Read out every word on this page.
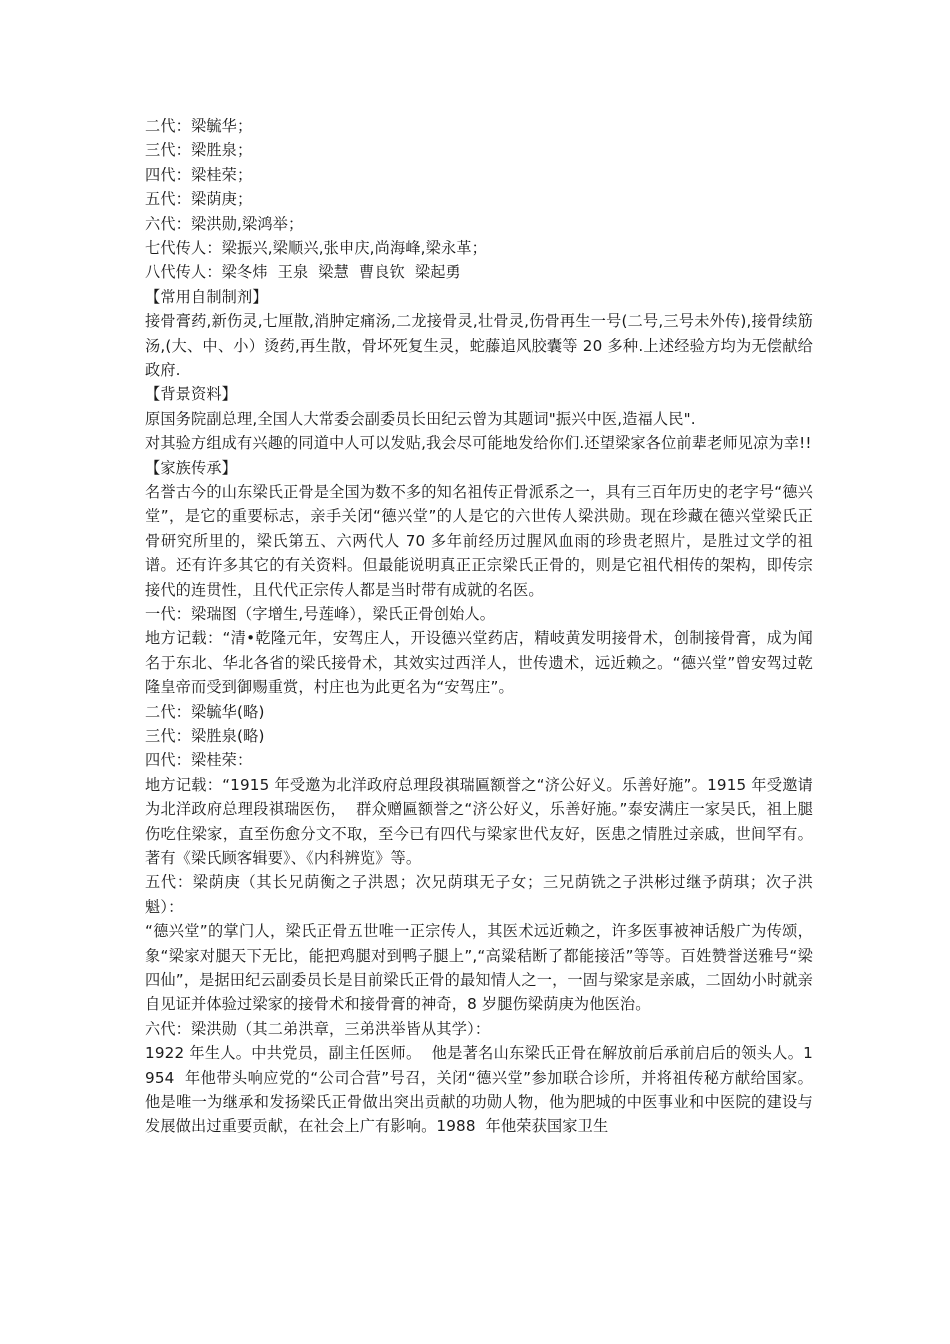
二代：梁毓华；
三代：梁胜泉；
四代：梁桂荣；
五代：梁荫庚；
六代：梁洪勋,梁鸿举；
七代传人：梁振兴,梁顺兴,张申庆,尚海峰,梁永革；
八代传人：梁冬炜  王泉  梁慧  曹良钦  梁起勇
【常用自制制剂】
接骨膏药,新伤灵,七厘散,消肿定痛汤,二龙接骨灵,壮骨灵,伤骨再生一号(二号,三号未外传),接骨续筋汤,(大、中、小）烫药,再生散，骨坏死复生灵，蛇藤追风胶囊等 20 多种.上述经验方均为无偿献给政府.
【背景资料】
原国务院副总理,全国人大常委会副委员长田纪云曾为其题词"振兴中医,造福人民".
对其验方组成有兴趣的同道中人可以发贴,我会尽可能地发给你们.还望梁家各位前辈老师见凉为幸!!
【家族传承】
名誉古今的山东梁氏正骨是全国为数不多的知名祖传正骨派系之一，具有三百年历史的老字号“德兴堂”，是它的重要标志，亲手关闭“德兴堂”的人是它的六世传人梁洪勋。现在珍藏在德兴堂梁氏正骨研究所里的，梁氏第五、六两代人 70 多年前经历过腥风血雨的珍贵老照片，是胜过文学的祖谱。还有许多其它的有关资料。但最能说明真正正宗梁氏正骨的，则是它祖代相传的架构，即传宗接代的连贯性，且代代正宗传人都是当时带有成就的名医。
一代：梁瑞图（字增生,号莲峰），梁氏正骨创始人。
地方记载：“清•乾隆元年，安驾庄人，开设德兴堂药店，精岐黄发明接骨术，创制接骨膏，成为闻名于东北、华北各省的梁氏接骨术，其效实过西洋人，世传遗术，远近赖之。“德兴堂”曾安驾过乾隆皇帝而受到御赐重赏，村庄也为此更名为“安驾庄”。
二代：梁毓华(略)
三代：梁胜泉(略)
四代：梁桂荣：
地方记载：“1915 年受邀为北洋政府总理段祺瑞匾额誉之“济公好义。乐善好施”。1915 年受邀请为北洋政府总理段祺瑞医伤，  群众赠匾额誉之“济公好义，乐善好施。”泰安满庄一家吴氏，祖上腿伤吃住梁家，直至伤愈分文不取，至今已有四代与梁家世代友好，医患之情胜过亲戚，世间罕有。著有《梁氏顾客辑要》、《内科辨览》等。
五代：梁荫庚（其长兄荫衡之子洪恩；次兄荫琪无子女；三兄荫铣之子洪彬过继予荫琪；次子洪魁）：
“德兴堂”的掌门人，梁氏正骨五世唯一正宗传人，其医术远近赖之，许多医事被神话般广为传颂，象“梁家对腿天下无比，能把鸡腿对到鸭子腿上”,“高粱秸断了都能接活”等等。百姓赞誉送雅号“梁四仙”，是据田纪云副委员长是目前梁氏正骨的最知情人之一，一固与梁家是亲戚，二固幼小时就亲自见证并体验过梁家的接骨术和接骨膏的神奇，8 岁腿伤梁荫庚为他医治。
六代：梁洪勋（其二弟洪章，三弟洪举皆从其学）：
1922 年生人。中共党员，副主任医师。  他是著名山东梁氏正骨在解放前后承前启后的领头人。1954  年他带头响应党的“公司合营”号召，关闭“德兴堂”参加联合诊所，并将祖传秘方献给国家。他是唯一为继承和发扬梁氏正骨做出突出贡献的功勋人物，他为肥城的中医事业和中医院的建设与发展做出过重要贡献，在社会上广有影响。1988  年他荣获国家卫生
